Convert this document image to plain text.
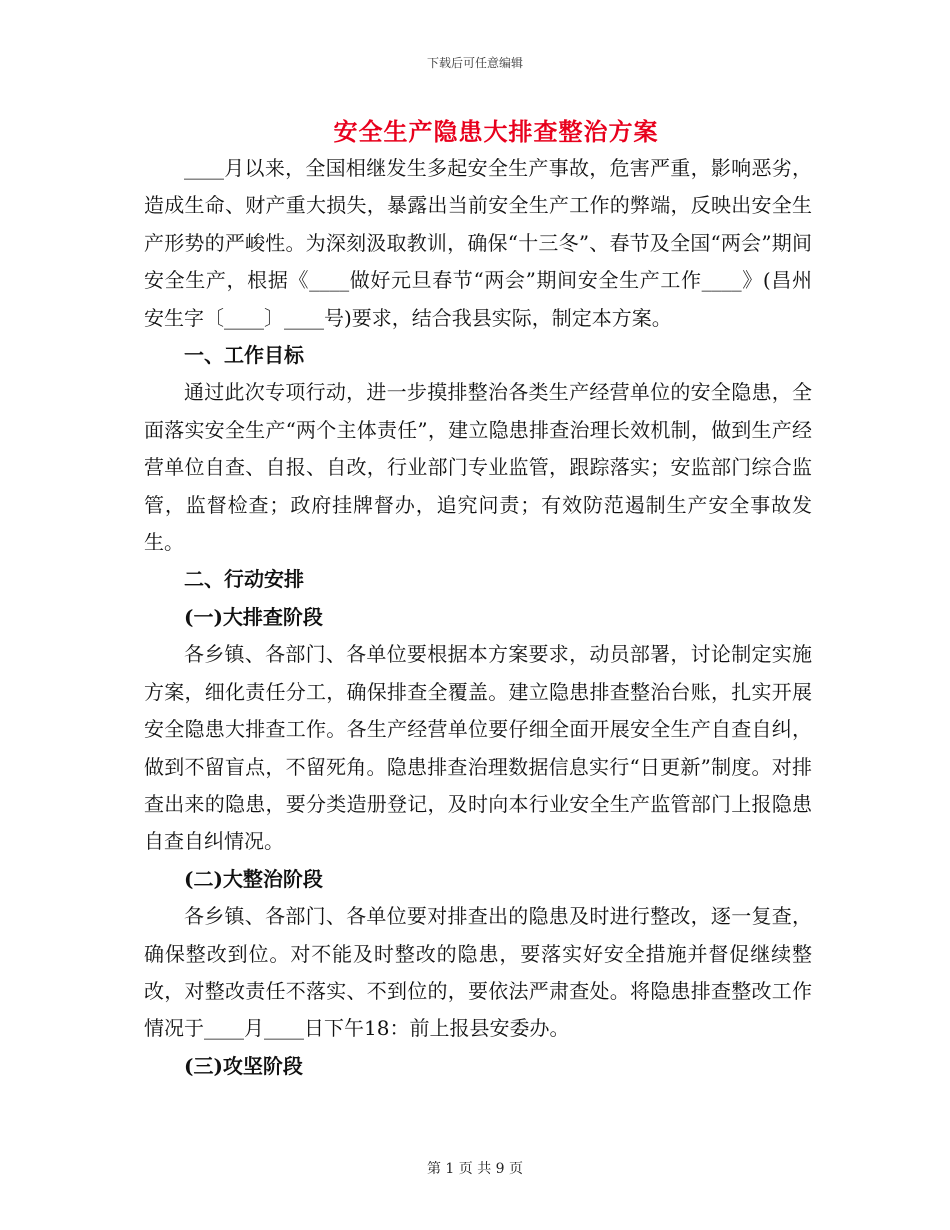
下载后可任意编辑
安全生产隐患大排查整治方案

____月以来，全国相继发生多起安全生产事故，危害严重，影响恶劣，造成生命、财产重大损失，暴露出当前安全生产工作的弊端，反映出安全生产形势的严峻性。为深刻汲取教训，确保“十三冬”、春节及全国“两会”期间安全生产，根据《____做好元旦春节“两会”期间安全生产工作____》(昌州安生字〔____〕____号)要求，结合我县实际，制定本方案。

一、工作目标

通过此次专项行动，进一步摸排整治各类生产经营单位的安全隐患，全面落实安全生产“两个主体责任”，建立隐患排查治理长效机制，做到生产经营单位自查、自报、自改，行业部门专业监管，跟踪落实；安监部门综合监管，监督检查；政府挂牌督办，追究问责；有效防范遏制生产安全事故发生。

二、行动安排
(一)大排查阶段

各乡镇、各部门、各单位要根据本方案要求，动员部署，讨论制定实施方案，细化责任分工，确保排查全覆盖。建立隐患排查整治台账，扎实开展安全隐患大排查工作。各生产经营单位要仔细全面开展安全生产自查自纠，做到不留盲点，不留死角。隐患排查治理数据信息实行“日更新”制度。对排查出来的隐患，要分类造册登记，及时向本行业安全生产监管部门上报隐患自查自纠情况。

(二)大整治阶段

各乡镇、各部门、各单位要对排查出的隐患及时进行整改，逐一复查，确保整改到位。对不能及时整改的隐患，要落实好安全措施并督促继续整改，对整改责任不落实、不到位的，要依法严肃查处。将隐患排查整改工作情况于____月____日下午18：前上报县安委办。

(三)攻坚阶段
第 1 页 共 9 页
